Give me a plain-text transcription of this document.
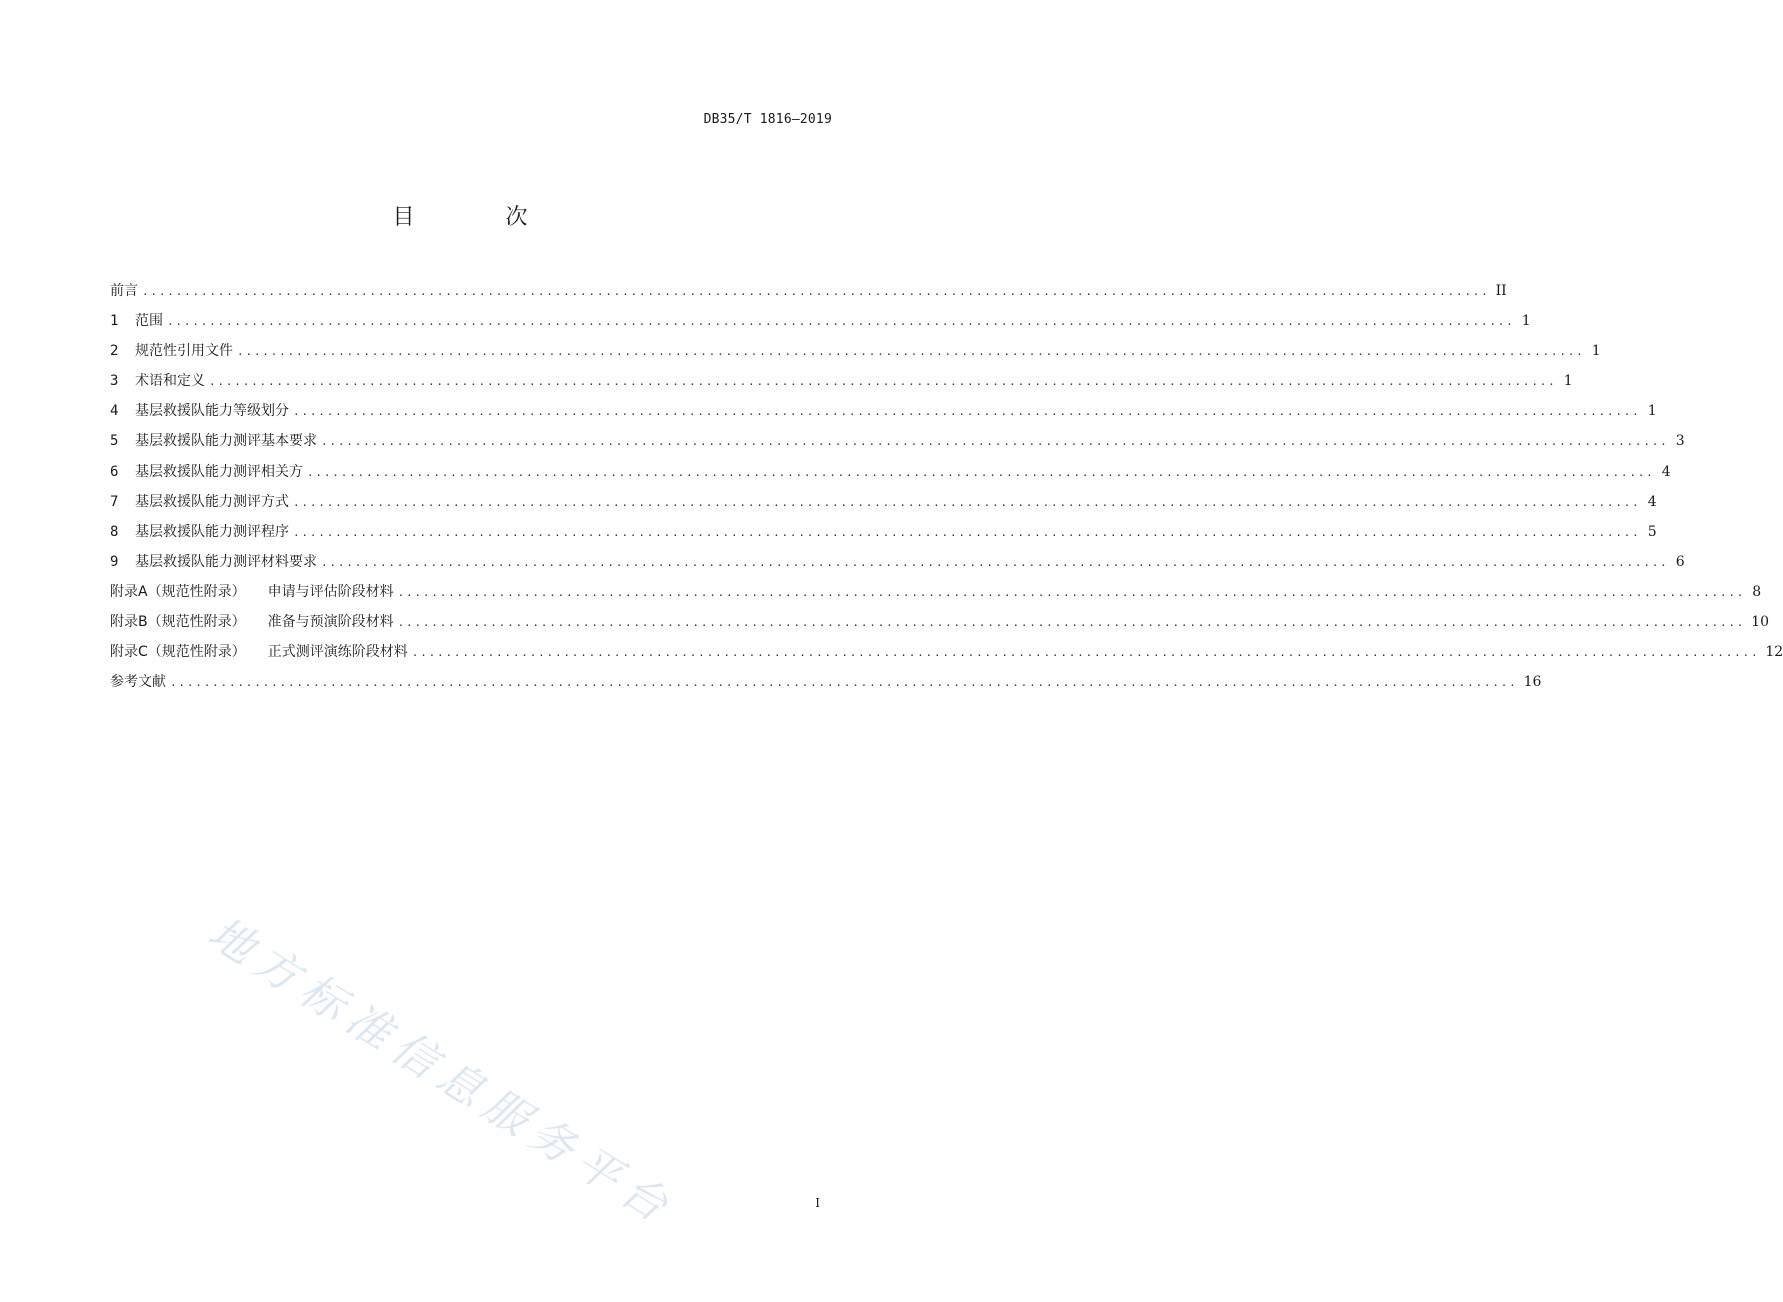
DB35/T 1816—2019
目 次
前言 ................................................................................................................................................................ II
1	范围 ................................................................................................................................................................ 1
2	规范性引用文件 ................................................................................................................................................................ 1
3	术语和定义 ................................................................................................................................................................ 1
4	基层救援队能力等级划分 ................................................................................................................................................................ 1
5	基层救援队能力测评基本要求 ................................................................................................................................................................ 3
6	基层救援队能力测评相关方 ................................................................................................................................................................ 4
7	基层救援队能力测评方式 ................................................................................................................................................................ 4
8	基层救援队能力测评程序 ................................................................................................................................................................ 5
9	基层救援队能力测评材料要求 ................................................................................................................................................................ 6
附录A（规范性附录） 申请与评估阶段材料 ................................................................................................................................................................ 8
附录B（规范性附录） 准备与预演阶段材料 ................................................................................................................................................................ 10
附录C（规范性附录） 正式测评演练阶段材料 ................................................................................................................................................................ 12
参考文献 ................................................................................................................................................................ 16
地方标准信息服务平台	I
